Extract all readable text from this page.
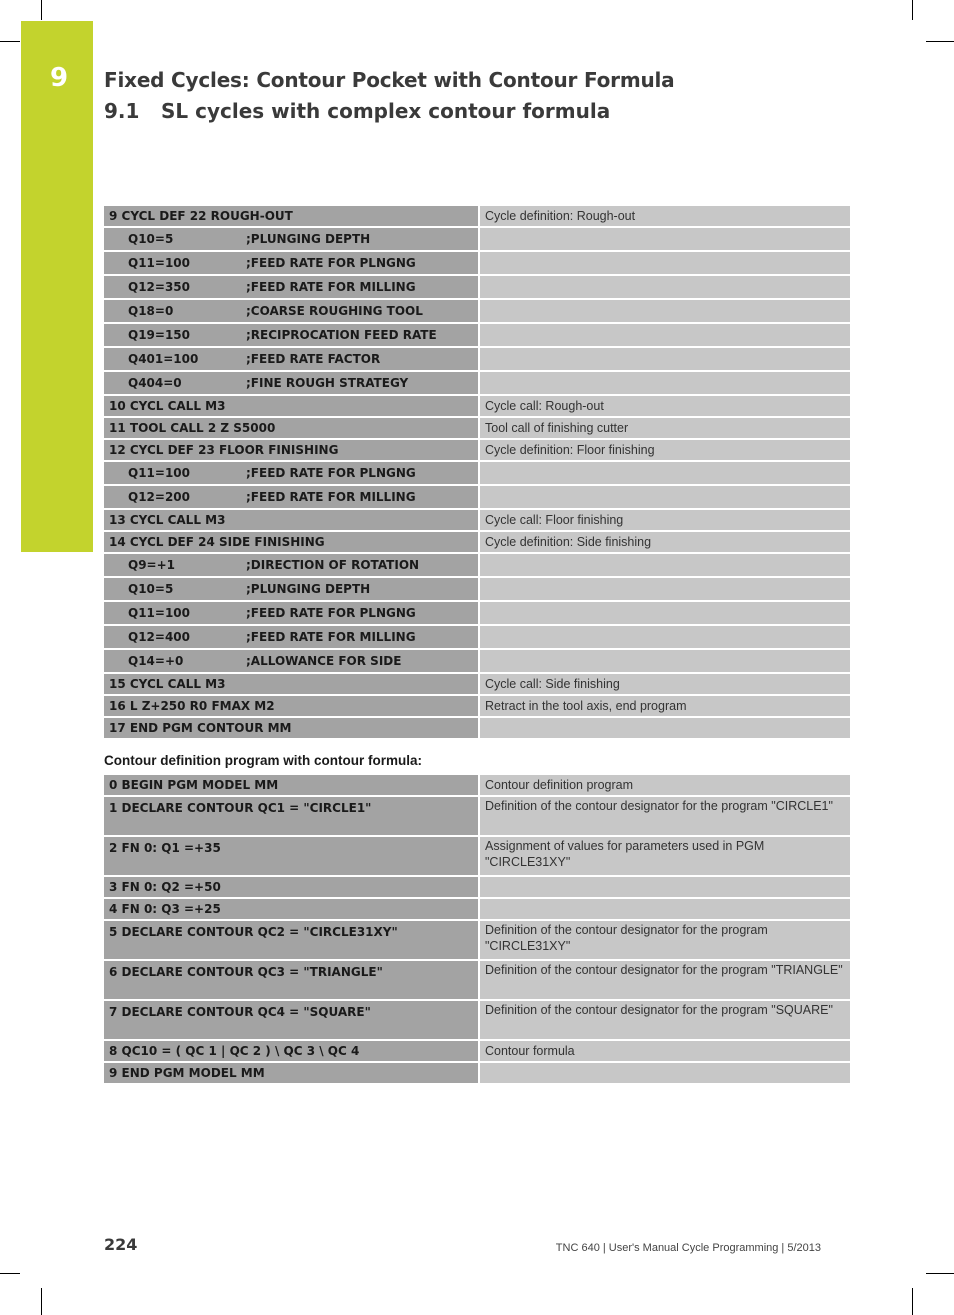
9 Fixed Cycles: Contour Pocket with Contour Formula
9.1 SL cycles with complex contour formula
9 CYCL DEF 22 ROUGH-OUT	Cycle definition: Rough-out
Q10=5 ;PLUNGING DEPTH	
Q11=100 ;FEED RATE FOR PLNGNG	
Q12=350 ;FEED RATE FOR MILLING	
Q18=0 ;COARSE ROUGHING TOOL	
Q19=150 ;RECIPROCATION FEED RATE	
Q401=100 ;FEED RATE FACTOR	
Q404=0 ;FINE ROUGH STRATEGY	
10 CYCL CALL M3	Cycle call: Rough-out
11 TOOL CALL 2 Z S5000	Tool call of finishing cutter
12 CYCL DEF 23 FLOOR FINISHING	Cycle definition: Floor finishing
Q11=100 ;FEED RATE FOR PLNGNG	
Q12=200 ;FEED RATE FOR MILLING	
13 CYCL CALL M3	Cycle call: Floor finishing
14 CYCL DEF 24 SIDE FINISHING	Cycle definition: Side finishing
Q9=+1 ;DIRECTION OF ROTATION	
Q10=5 ;PLUNGING DEPTH	
Q11=100 ;FEED RATE FOR PLNGNG	
Q12=400 ;FEED RATE FOR MILLING	
Q14=+0 ;ALLOWANCE FOR SIDE	
15 CYCL CALL M3	Cycle call: Side finishing
16 L Z+250 R0 FMAX M2	Retract in the tool axis, end program
17 END PGM CONTOUR MM	
Contour definition program with contour formula:
0 BEGIN PGM MODEL MM	Contour definition program
1 DECLARE CONTOUR QC1 = "CIRCLE1"	Definition of the contour designator for the program "CIRCLE1"
2 FN 0: Q1 =+35	Assignment of values for parameters used in PGM "CIRCLE31XY"
3 FN 0: Q2 =+50	
4 FN 0: Q3 =+25	
5 DECLARE CONTOUR QC2 = "CIRCLE31XY"	Definition of the contour designator for the program "CIRCLE31XY"
6 DECLARE CONTOUR QC3 = "TRIANGLE"	Definition of the contour designator for the program "TRIANGLE"
7 DECLARE CONTOUR QC4 = "SQUARE"	Definition of the contour designator for the program "SQUARE"
8 QC10 = ( QC 1 | QC 2 ) \ QC 3 \ QC 4	Contour formula
9 END PGM MODEL MM	
224	TNC 640 | User's Manual Cycle Programming | 5/2013
